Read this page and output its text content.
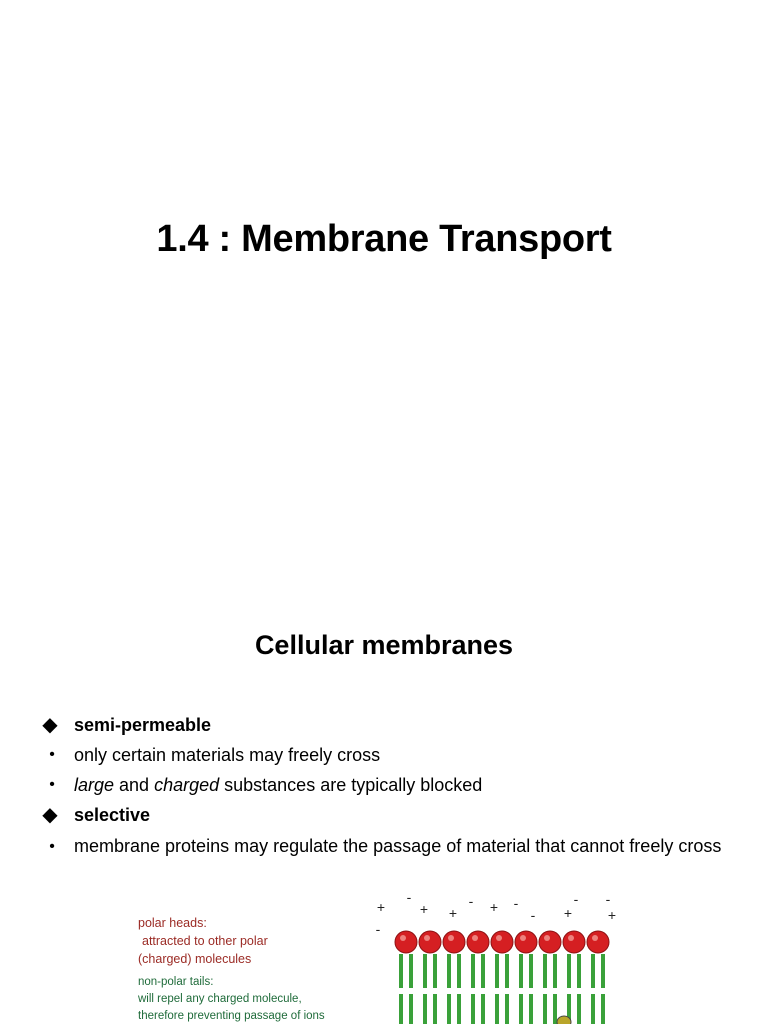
1.4 : Membrane Transport
Cellular membranes
◆ semi-permeable
•	only certain materials may freely cross
•	large and charged substances are typically blocked
◆ selective
•	membrane proteins may regulate the passage of material that cannot freely cross
polar heads:
attracted to other polar
(charged) molecules
non-polar tails:
will repel any charged molecule,
therefore preventing passage of ions
+
-
+ +
- + -
- +
- -
+
-
